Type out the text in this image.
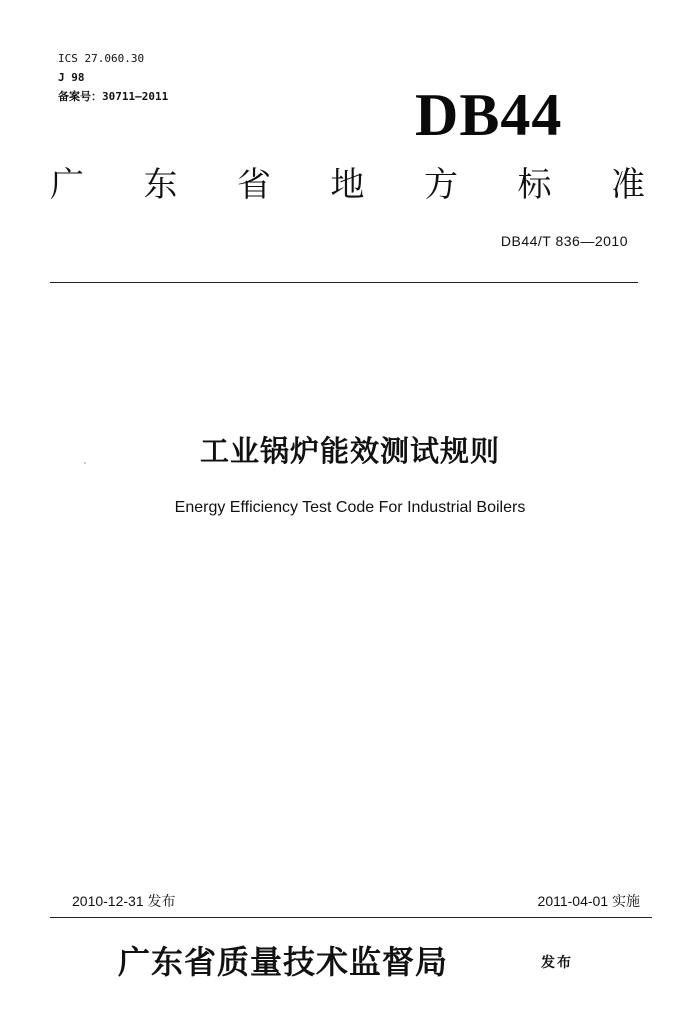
ICS 27.060.30
J 98
备案号：30711—2011	DB44
广 东 省 地 方 标 准
DB44/T 836—2010
工业锅炉能效测试规则
Energy Efficiency Test Code For Industrial Boilers
2010-12-31 发布	2011-04-01 实施
广东省质量技术监督局	发布
